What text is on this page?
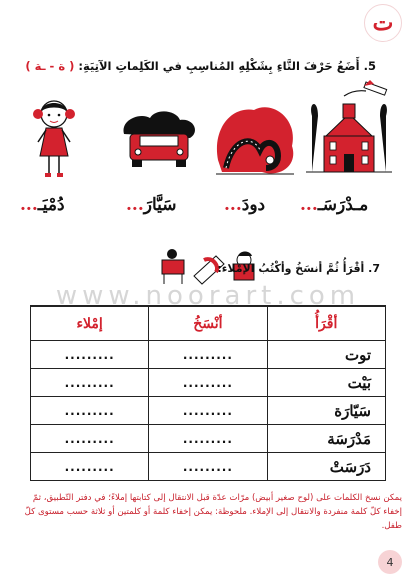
ت
5. أَضَعُ حَرْفَ التَّاءِ بِشَكْلِهِ المُناسِبِ في الكَلِماتِ الآتِيَةِ: ( ة - ـة )
دُمْيَـ...	سَيَّارَ...	دودَ...	مـدْرَسَـ...
7. أقْرَأُ ثُمَّ أنسَخُ وأكْتُبُ الإمْلاء:
www.noorart.com
أقْرَأُ	أنْسَخُ	إمْلاء
توت	.........	.........
بَيْت	.........	.........
سَيّارَة	.........	.........
مَدْرَسَة	.........	.........
دَرَسَتْ	.........	.........
يمكن نسخ الكلمات على (لوح صغير أبيض) مرّات عدّة قبل الانتقال إلى كتابتها إملاءً؛ في دفتر التّطبيق، ثمّ إخفاء كلّ كلمة منفردة والانتقال إلى الإملاء. ملحوظة: يمكن إخفاء كلمة أو كلمتين أو ثلاثة حسب مستوى كلّ طفل.
4
